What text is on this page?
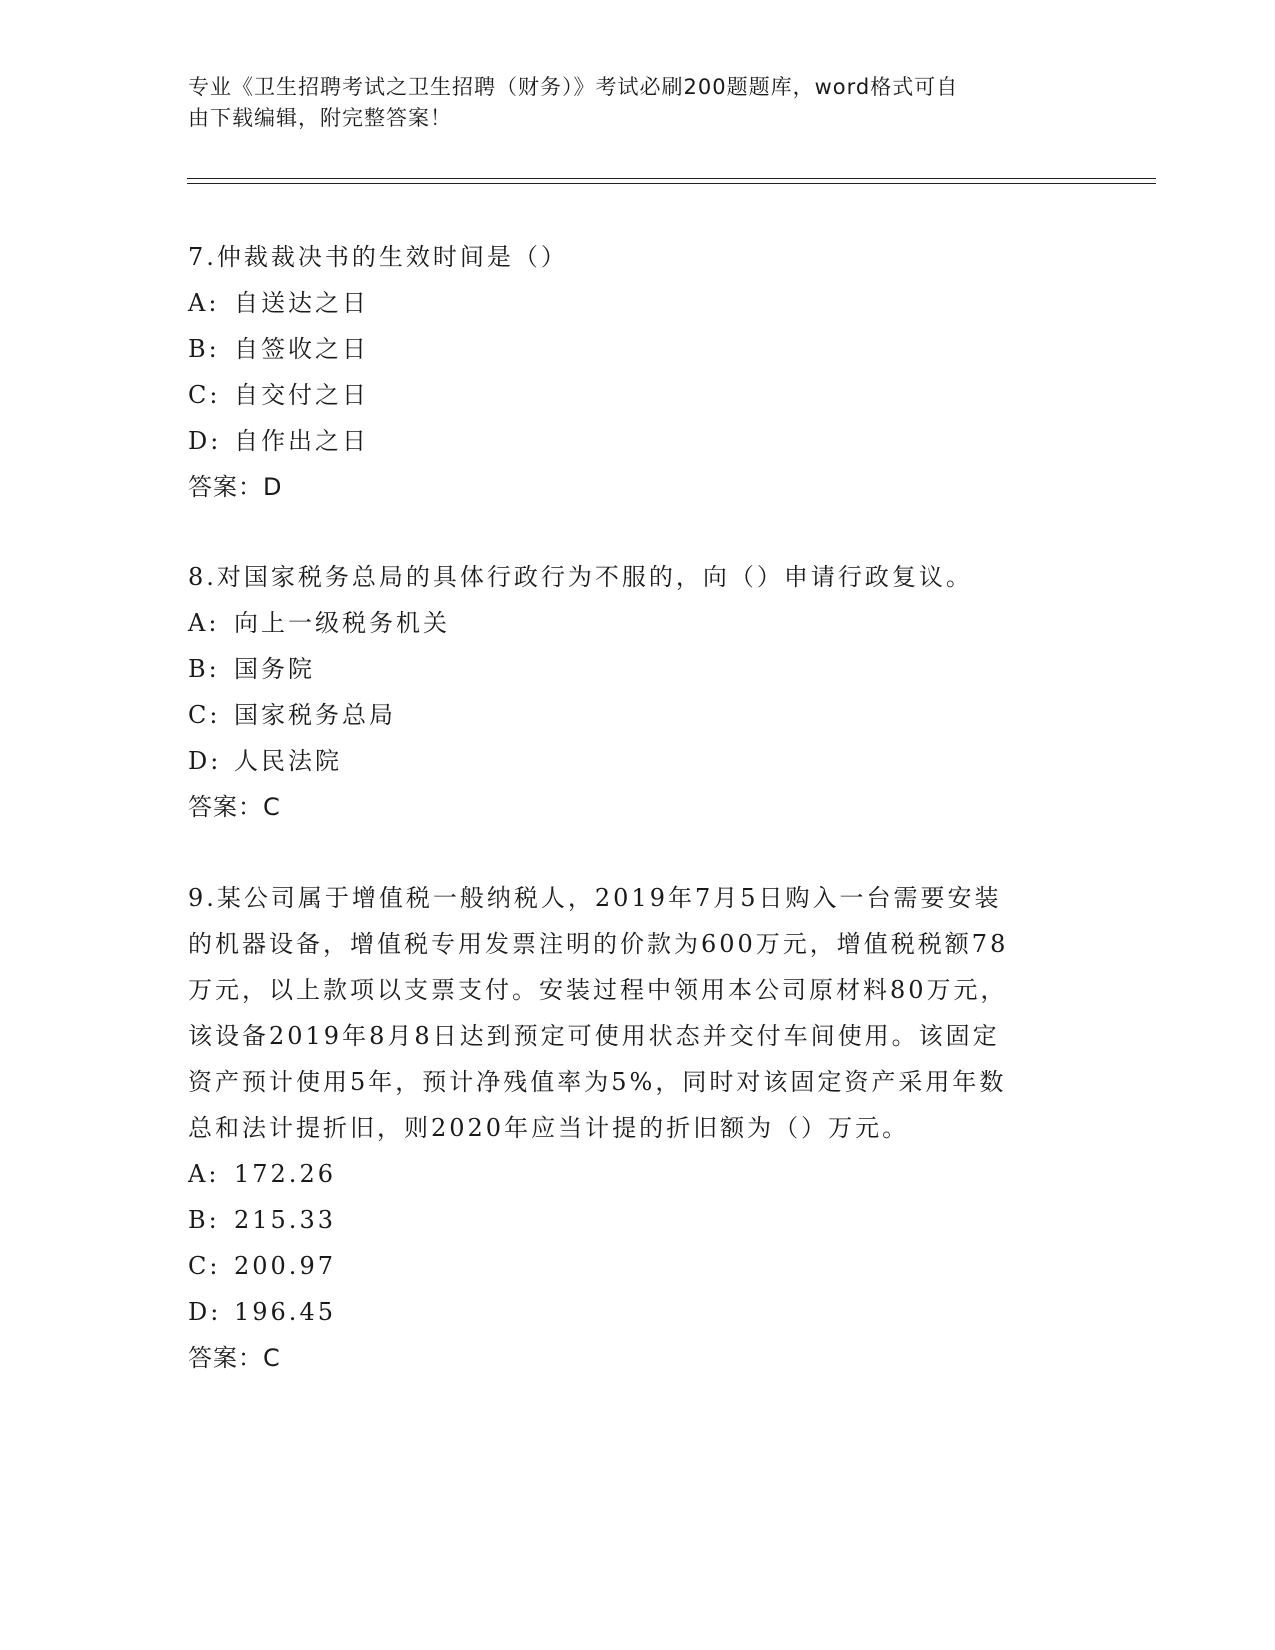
专业《卫生招聘考试之卫生招聘（财务）》考试必刷200题题库，word格式可自
由下载编辑，附完整答案！

7.仲裁裁决书的生效时间是（）

A: 自送达之日
B: 自签收之日
C: 自交付之日
D: 自作出之日
答案：D

8.对国家税务总局的具体行政行为不服的，向（）申请行政复议。

A: 向上一级税务机关
B: 国务院
C: 国家税务总局
D: 人民法院
答案：C
9.某公司属于增值税一般纳税人，2019年7月5日购入一台需要安装
的机器设备，增值税专用发票注明的价款为600万元，增值税税额78
万元，以上款项以支票支付。安装过程中领用本公司原材料80万元，
该设备2019年8月8日达到预定可使用状态并交付车间使用。该固定
资产预计使用5年，预计净残值率为5%，同时对该固定资产采用年数
总和法计提折旧，则2020年应当计提的折旧额为（）万元。
A: 172.26
B: 215.33
C: 200.97
D: 196.45
答案：C
